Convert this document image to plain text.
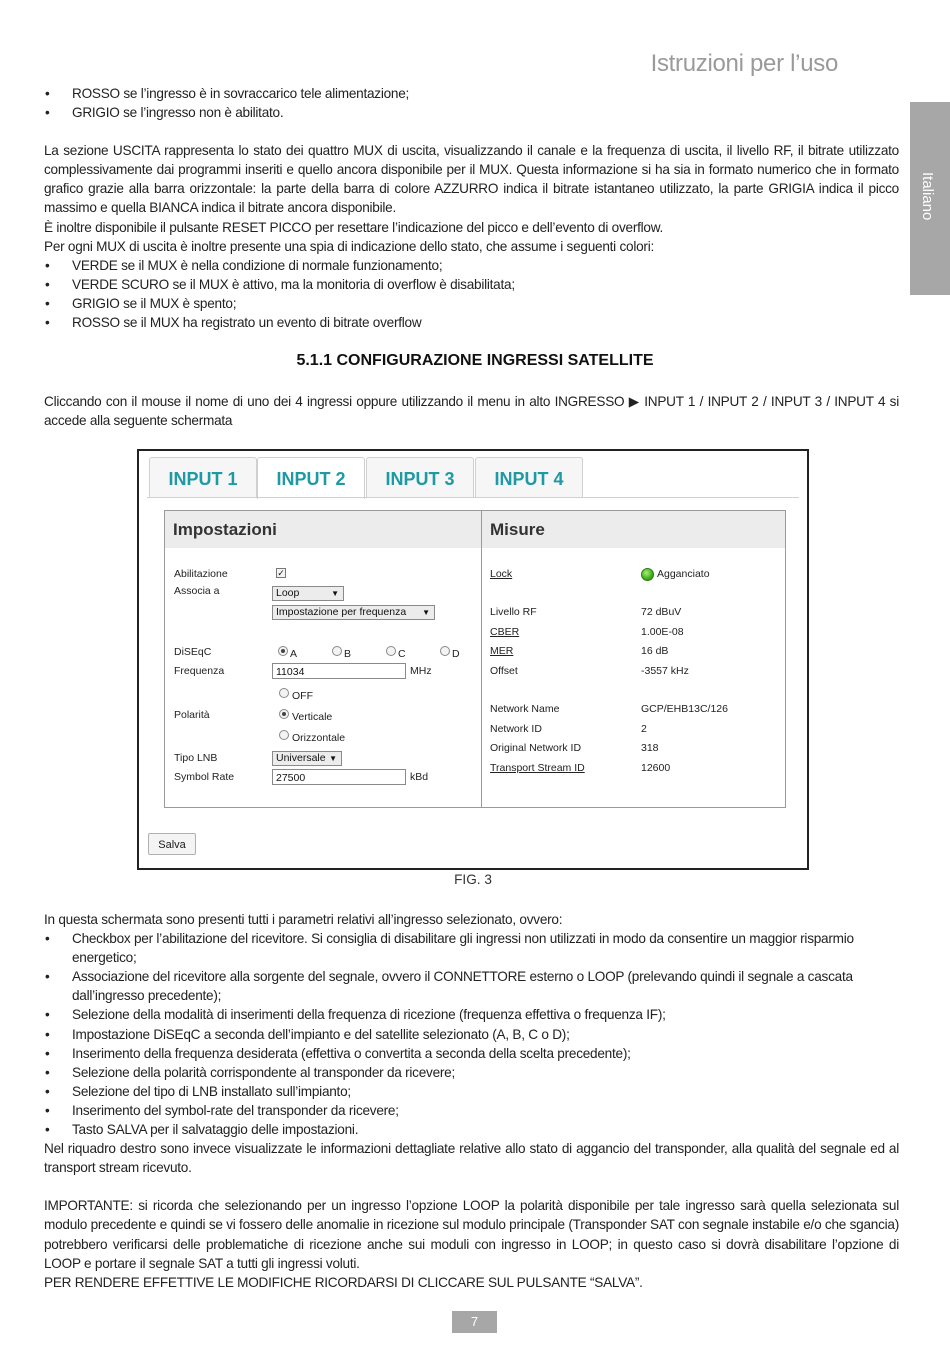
Istruzioni per l’uso
Italiano
• ROSSO se l’ingresso è in sovraccarico tele alimentazione;
• GRIGIO se l’ingresso non è abilitato.

La sezione USCITA rappresenta lo stato dei quattro MUX di uscita, visualizzando il canale e la frequenza di uscita, il livello RF, il bitrate utilizzato complessivamente dai programmi inseriti e quello ancora disponibile per il MUX. Questa informazione si ha sia in formato numerico che in formato grafico grazie alla barra orizzontale: la parte della barra di colore AZZURRO indica il bitrate istantaneo utilizzato, la parte GRIGIA indica il picco massimo e quella BIANCA indica il bitrate ancora disponibile.

È inoltre disponibile il pulsante RESET PICCO per resettare l’indicazione del picco e dell’evento di overflow.

Per ogni MUX di uscita è inoltre presente una spia di indicazione dello stato, che assume i seguenti colori:

• VERDE se il MUX è nella condizione di normale funzionamento;
• VERDE SCURO se il MUX è attivo, ma la monitoria di overflow è disabilitata;
• GRIGIO se il MUX è spento;
• ROSSO se il MUX ha registrato un evento di bitrate overflow
5.1.1 CONFIGURAZIONE INGRESSI SATELLITE

Cliccando con il mouse il nome di uno dei 4 ingressi oppure utilizzando il menu in alto INGRESSO ▶ INPUT 1 / INPUT 2 / INPUT 3 / INPUT 4 si accede alla seguente schermata

INPUT 1	INPUT 2	INPUT 3	INPUT 4
Impostazioni	Misure
Abilitazione	✓
Associa a	Loop	▼
Impostazione per frequenza ▼
DiSEqC	A	B	C	D
Frequenza	11034	MHz
OFF
Polarità	Verticale
Orizzontale
Tipo LNB	Universale ▼
Symbol Rate	27500	kBd
Lock	Agganciato
Livello RF	72 dBuV
CBER	1.00E-08
MER	16 dB
Offset	-3557 kHz
Network Name	GCP/EHB13C/126
Network ID	2
Original Network ID	318
Transport Stream ID	12600
Salva
FIG. 3

In questa schermata sono presenti tutti i parametri relativi all’ingresso selezionato, ovvero:

• Checkbox per l’abilitazione del ricevitore. Si consiglia di disabilitare gli ingressi non utilizzati in modo da consentire un maggior risparmio energetico;
• Associazione del ricevitore alla sorgente del segnale, ovvero il CONNETTORE esterno o LOOP (prelevando quindi il segnale a cascata dall’ingresso precedente);
• Selezione della modalità di inserimenti della frequenza di ricezione (frequenza effettiva o frequenza IF);
• Impostazione DiSEqC a seconda dell’impianto e del satellite selezionato (A, B, C o D);
• Inserimento della frequenza desiderata (effettiva o convertita a seconda della scelta precedente);
• Selezione della polarità corrispondente al transponder da ricevere;
• Selezione del tipo di LNB installato sull’impianto;
• Inserimento del symbol-rate del transponder da ricevere;
• Tasto SALVA per il salvataggio delle impostazioni.

Nel riquadro destro sono invece visualizzate le informazioni dettagliate relative allo stato di aggancio del transponder, alla qualità del segnale ed al transport stream ricevuto.

IMPORTANTE: si ricorda che selezionando per un ingresso l’opzione LOOP la polarità disponibile per tale ingresso sarà quella selezionata sul modulo precedente e quindi se vi fossero delle anomalie in ricezione sul modulo principale (Transponder SAT con segnale instabile e/o che sgancia) potrebbero verificarsi delle problematiche di ricezione anche sui moduli con ingresso in LOOP; in questo caso si dovrà disabilitare l’opzione di LOOP e portare il segnale SAT a tutti gli ingressi voluti.

PER RENDERE EFFETTIVE LE MODIFICHE RICORDARSI DI CLICCARE SUL PULSANTE “SALVA”.

7
